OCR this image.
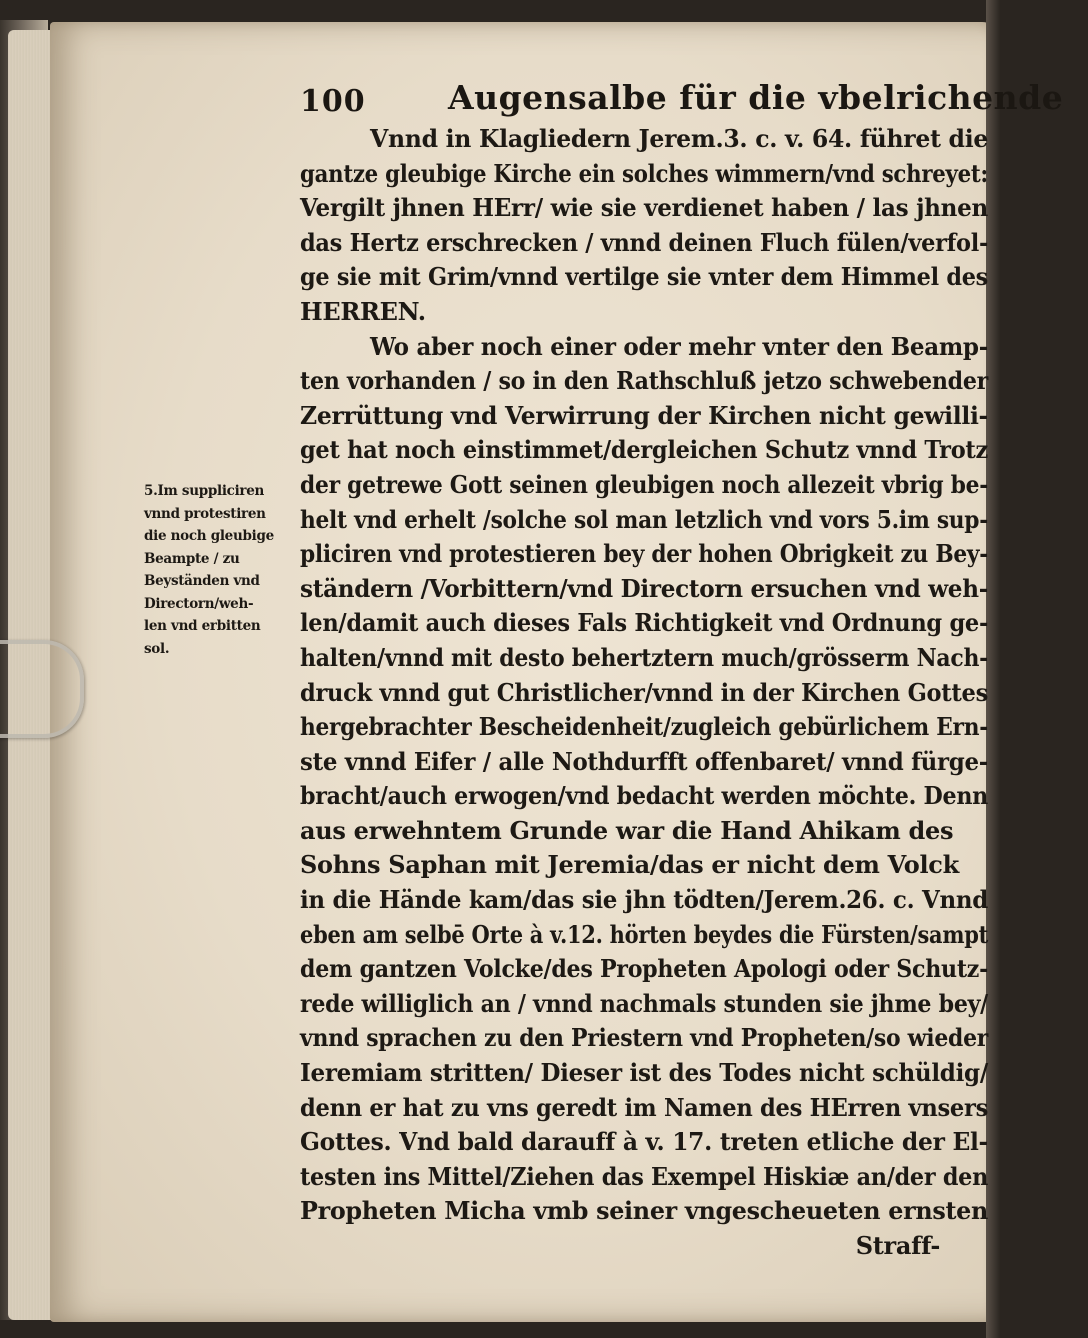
100 Augensalbe für die vbelrichende
5.Im suppliciren
vnnd protestiren
die noch gleubige
Beampte / zu
Beyständen vnd
Directorn/weh-
len vnd erbitten
sol.
Vnnd in Klagliedern Jerem.3. c. v. 64. führet die
gantze gleubige Kirche ein solches wimmern/vnd schreyet:
Vergilt jhnen HErr/ wie sie verdienet haben / las jhnen
das Hertz erschrecken / vnnd deinen Fluch fülen/verfol-
ge sie mit Grim/vnnd vertilge sie vnter dem Himmel des
HERREN.
Wo aber noch einer oder mehr vnter den Beamp-
ten vorhanden / so in den Rathschluß jetzo schwebender
Zerrüttung vnd Verwirrung der Kirchen nicht gewilli-
get hat noch einstimmet/dergleichen Schutz vnnd Trotz
der getrewe Gott seinen gleubigen noch allezeit vbrig be-
helt vnd erhelt /solche sol man letzlich vnd vors 5.im sup-
pliciren vnd protestieren bey der hohen Obrigkeit zu Bey-
ständern /Vorbittern/vnd Directorn ersuchen vnd weh-
len/damit auch dieses Fals Richtigkeit vnd Ordnung ge-
halten/vnnd mit desto behertztern much/grösserm Nach-
druck vnnd gut Christlicher/vnnd in der Kirchen Gottes
hergebrachter Bescheidenheit/zugleich gebürlichem Ern-
ste vnnd Eifer / alle Nothdurfft offenbaret/ vnnd fürge-
bracht/auch erwogen/vnd bedacht werden möchte. Denn
aus erwehntem Grunde war die Hand Ahikam des
Sohns Saphan mit Jeremia/das er nicht dem Volck
in die Hände kam/das sie jhn tödten/Jerem.26. c. Vnnd
eben am selbē Orte à v.12. hörten beydes die Fürsten/sampt
dem gantzen Volcke/des Propheten Apologi oder Schutz-
rede williglich an / vnnd nachmals stunden sie jhme bey/
vnnd sprachen zu den Priestern vnd Propheten/so wieder
Ieremiam stritten/ Dieser ist des Todes nicht schüldig/
denn er hat zu vns geredt im Namen des HErren vnsers
Gottes. Vnd bald darauff à v. 17. treten etliche der El-
testen ins Mittel/Ziehen das Exempel Hiskiæ an/der den
Propheten Micha vmb seiner vngescheueten ernsten
Straff-
